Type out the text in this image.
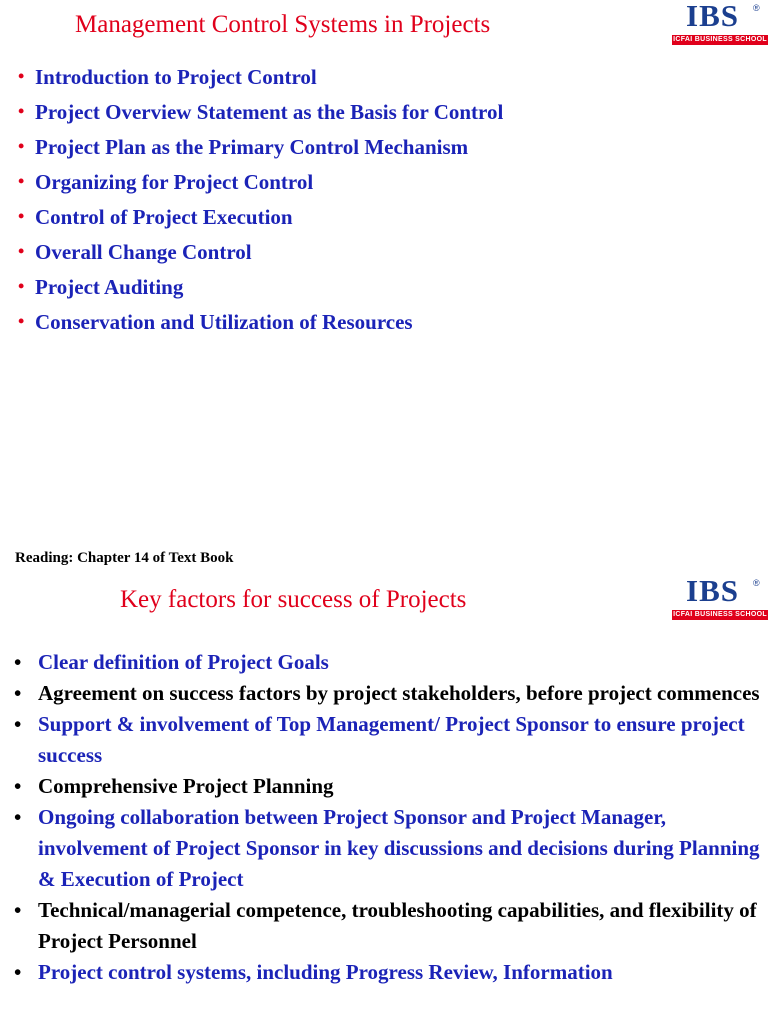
Management Control Systems in Projects	IBS ®
ICFAI BUSINESS SCHOOL
• Introduction to Project Control
• Project Overview Statement as the Basis for Control
• Project Plan as the Primary Control Mechanism
• Organizing for Project Control
• Control of Project Execution
• Overall Change Control
• Project Auditing
• Conservation and Utilization of Resources
Reading: Chapter 14 of Text Book
Key factors for success of Projects	IBS ®
ICFAI BUSINESS SCHOOL
• Clear definition of Project Goals
• Agreement on success factors by project stakeholders, before project commences
• Support & involvement of Top Management/ Project Sponsor to ensure project success
• Comprehensive Project Planning
• Ongoing collaboration between Project Sponsor and Project Manager, involvement of Project Sponsor in key discussions and decisions during Planning & Execution of Project
• Technical/managerial competence, troubleshooting capabilities, and flexibility of Project Personnel
• Project control systems, including Progress Review, Information
